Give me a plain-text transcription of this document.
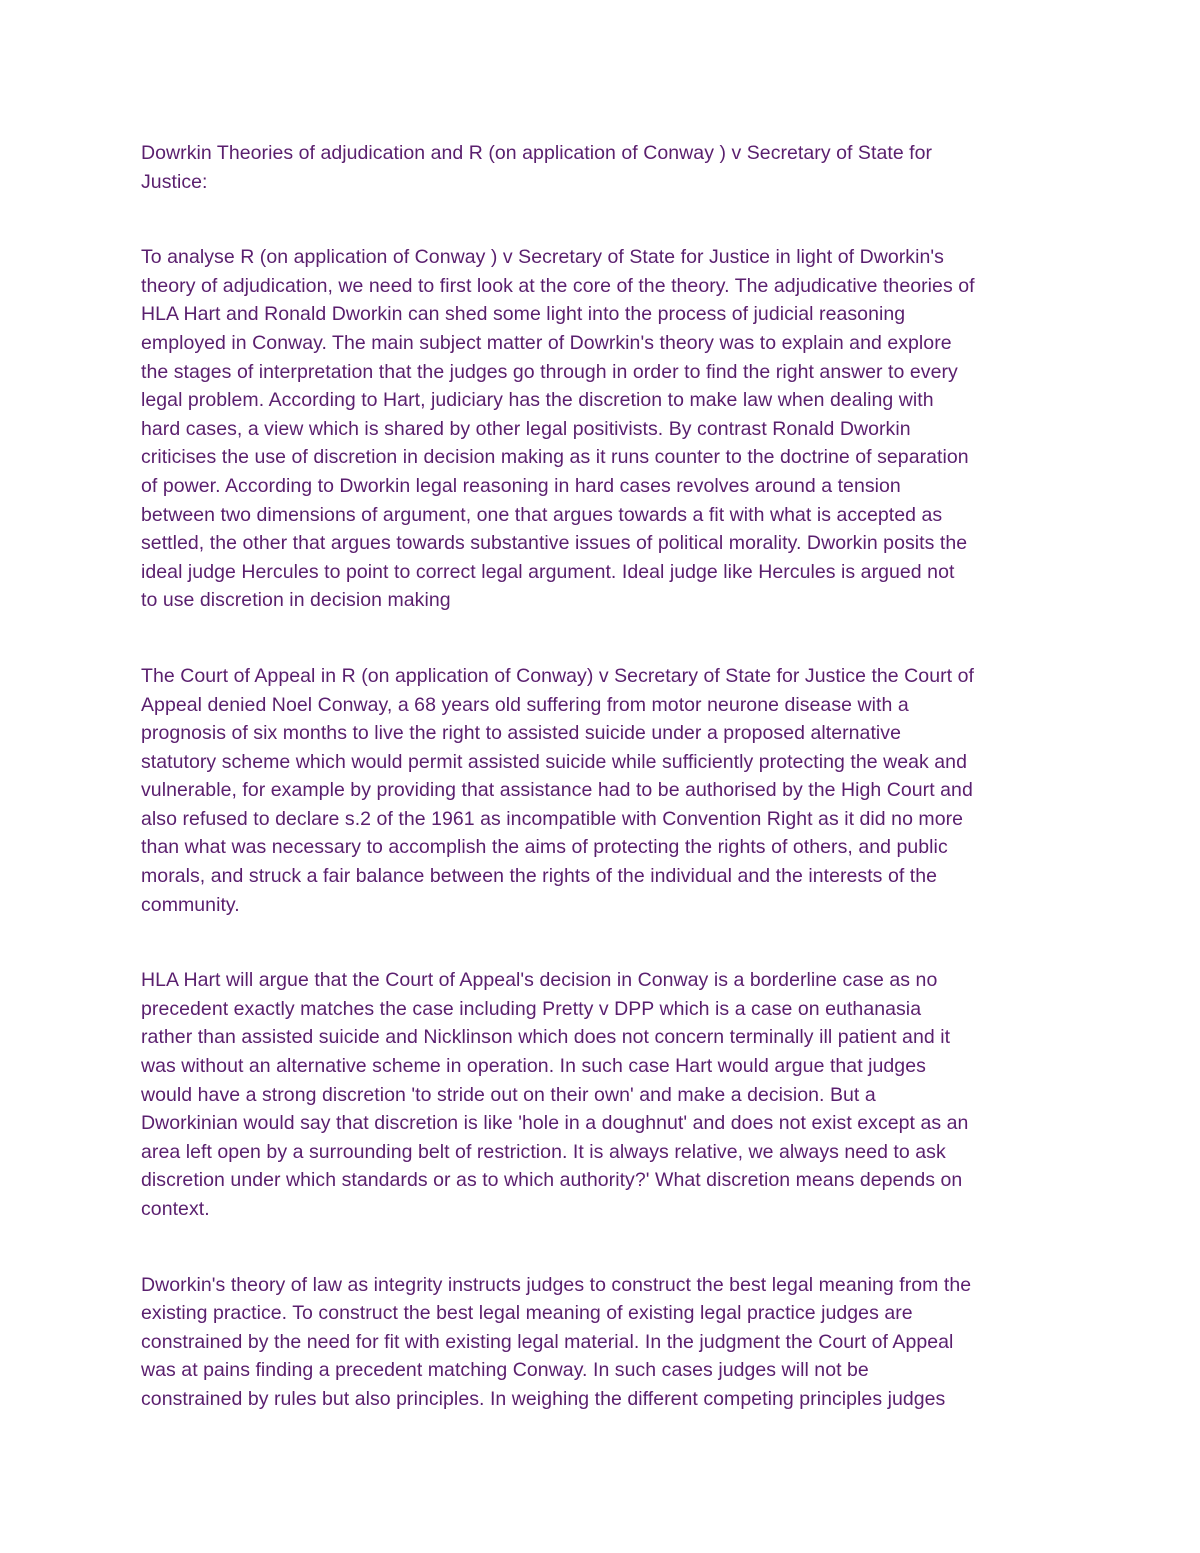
Dowrkin Theories of adjudication and R (on application of Conway ) v Secretary of State for
Justice:
To analyse R (on application of Conway ) v Secretary of State for Justice in light of Dworkin's
theory of adjudication, we need to first look at the core of the theory. The adjudicative theories of
HLA Hart and Ronald Dworkin can shed some light into the process of judicial reasoning
employed in Conway. The main subject matter of Dowrkin's theory was to explain and explore
the stages of interpretation that the judges go through in order to find the right answer to every
legal problem. According to Hart, judiciary has the discretion to make law when dealing with
hard cases, a view which is shared by other legal positivists. By contrast Ronald Dworkin
criticises the use of discretion in decision making as it runs counter to the doctrine of separation
of power. According to Dworkin legal reasoning in hard cases revolves around a tension
between two dimensions of argument, one that argues towards a fit with what is accepted as
settled, the other that argues towards substantive issues of political morality. Dworkin posits the
ideal judge Hercules to point to correct legal argument. Ideal judge like Hercules is argued not
to use discretion in decision making
The Court of Appeal in R (on application of Conway) v Secretary of State for Justice the Court of
Appeal denied Noel Conway, a 68 years old suffering from motor neurone disease with a
prognosis of six months to live the right to assisted suicide under a proposed alternative
statutory scheme which would permit assisted suicide while sufficiently protecting the weak and
vulnerable, for example by providing that assistance had to be authorised by the High Court and
also refused to declare s.2 of the 1961 as incompatible with Convention Right as it did no more
than what was necessary to accomplish the aims of protecting the rights of others, and public
morals, and struck a fair balance between the rights of the individual and the interests of the
community.
HLA Hart will argue that the Court of Appeal's decision in Conway is a borderline case as no
precedent exactly matches the case including Pretty v DPP which is a case on euthanasia
rather than assisted suicide and Nicklinson which does not concern terminally ill patient and it
was without an alternative scheme in operation. In such case Hart would argue that judges
would have a strong discretion 'to stride out on their own' and make a decision. But a
Dworkinian would say that discretion is like 'hole in a doughnut' and does not exist except as an
area left open by a surrounding belt of restriction. It is always relative, we always need to ask
discretion under which standards or as to which authority?' What discretion means depends on
context.
Dworkin's theory of law as integrity instructs judges to construct the best legal meaning from the
existing practice. To construct the best legal meaning of existing legal practice judges are
constrained by the need for fit with existing legal material. In the judgment the Court of Appeal
was at pains finding a precedent matching Conway. In such cases judges will not be
constrained by rules but also principles. In weighing the different competing principles judges
